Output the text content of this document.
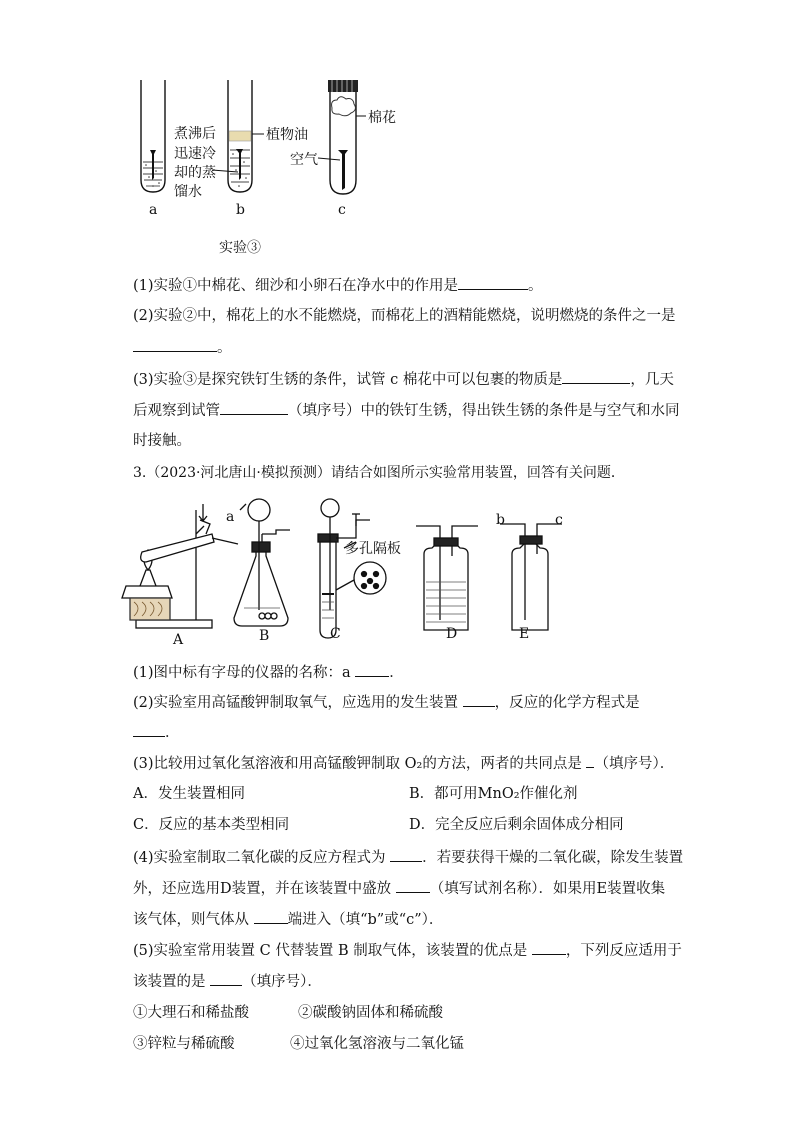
煮沸后
迅速冷
却的蒸
馏水
植物油
棉花
空气
a	b	c
实验③
(1)实验①中棉花、细沙和小卵石在净水中的作用是	。
(2)实验②中，棉花上的水不能燃烧，而棉花上的酒精能燃烧，说明燃烧的条件之一是
。
(3)实验③是探究铁钉生锈的条件，试管 c 棉花中可以包裹的物质是	，几天
后观察到试管	（填序号）中的铁钉生锈，得出铁生锈的条件是与空气和水同
时接触。
3.（2023·河北唐山·模拟预测）请结合如图所示实验常用装置，回答有关问题．
a	b	c
多孔隔板
A	B	C	D	E
(1)图中标有字母的仪器的名称：a	．
(2)实验室用高锰酸钾制取氧气，应选用的发生装置	，反应的化学方程式是
．
(3)比较用过氧化氢溶液和用高锰酸钾制取 O₂的方法，两者的共同点是 （填序号）．
A．发生装置相同	B．都可用MnO₂作催化剂
C．反应的基本类型相同	D．完全反应后剩余固体成分相同
(4)实验室制取二氧化碳的反应方程式为	．若要获得干燥的二氧化碳，除发生装置
外，还应选用D装置，并在该装置中盛放	（填写试剂名称）．如果用E装置收集
该气体，则气体从	端进入（填“b”或“c”）．
(5)实验室常用装置 C 代替装置 B 制取气体，该装置的优点是	，下列反应适用于
该装置的是	（填序号）．
①大理石和稀盐酸	②碳酸钠固体和稀硫酸
③锌粒与稀硫酸	④过氧化氢溶液与二氧化锰
